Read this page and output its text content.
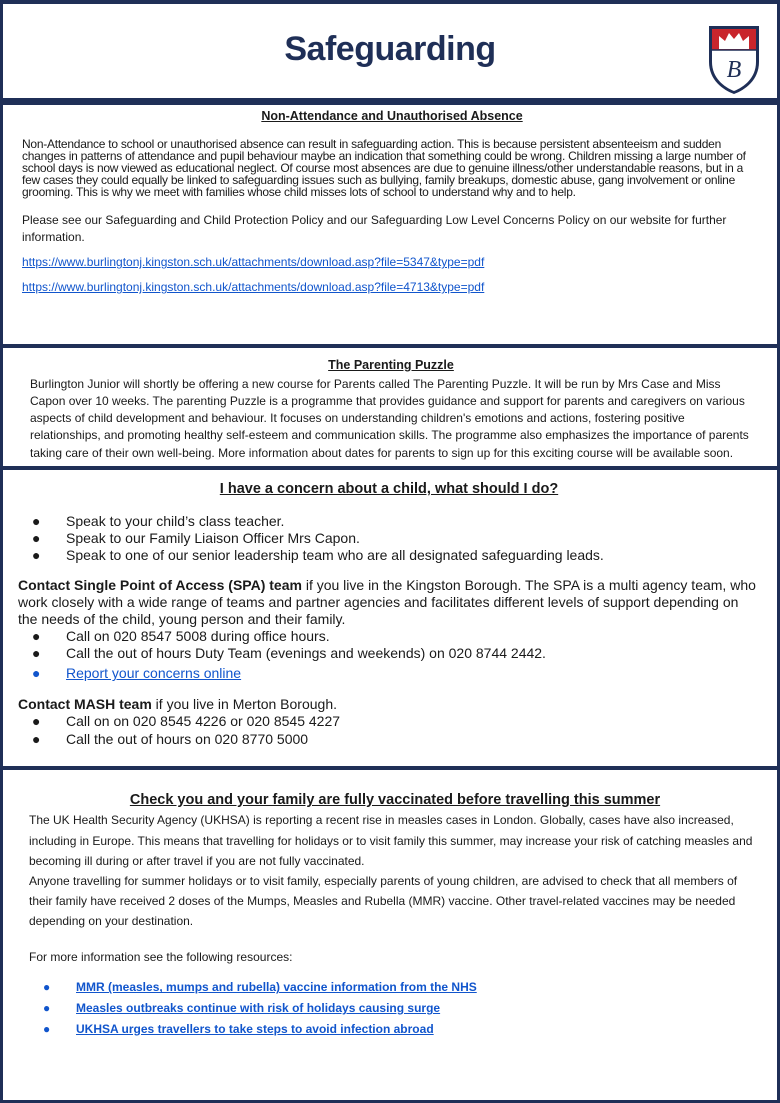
Safeguarding
B
Non-Attendance and Unauthorised Absence

Non-Attendance to school or unauthorised absence can result in safeguarding action. This is because persistent absenteeism and sudden changes in patterns of attendance and pupil behaviour maybe an indication that something could be wrong. Children missing a large number of school days is now viewed as educational neglect. Of course most absences are due to genuine illness/other understandable reasons, but in a few cases they could equally be linked to safeguarding issues such as bullying, family breakups, domestic abuse, gang involvement or online grooming. This is why we meet with families whose child misses lots of school to understand why and to help.

Please see our Safeguarding and Child Protection Policy and our Safeguarding Low Level Concerns Policy on our website for further information.

https://www.burlingtonj.kingston.sch.uk/attachments/download.asp?file=5347&type=pdf
https://www.burlingtonj.kingston.sch.uk/attachments/download.asp?file=4713&type=pdf
The Parenting Puzzle

Burlington Junior will shortly be offering a new course for Parents called The Parenting Puzzle. It will be run by Mrs Case and Miss Capon over 10 weeks. The parenting Puzzle is a programme that provides guidance and support for parents and caregivers on various aspects of child development and behaviour. It focuses on understanding children's emotions and actions, fostering positive relationships, and promoting healthy self-esteem and communication skills. The programme also emphasizes the importance of parents taking care of their own well-being. More information about dates for parents to sign up for this exciting course will be available soon.

I have a concern about a child, what should I do?

● Speak to your child’s class teacher.

● Speak to our Family Liaison Officer Mrs Capon.

● Speak to one of our senior leadership team who are all designated safeguarding leads.

Contact Single Point of Access (SPA) team if you live in the Kingston Borough. The SPA is a multi agency team, who work closely with a wide range of teams and partner agencies and facilitates different levels of support depending on the needs of the child, young person and their family.

● Call on 020 8547 5008 during office hours.

● Call the out of hours Duty Team (evenings and weekends) on 020 8744 2442.

● Report your concerns online

Contact MASH team if you live in Merton Borough.

● Call on on 020 8545 4226 or 020 8545 4227

● Call the out of hours on 020 8770 5000

Check you and your family are fully vaccinated before travelling this summer

The UK Health Security Agency (UKHSA) is reporting a recent rise in measles cases in London. Globally, cases have also increased, including in Europe. This means that travelling for holidays or to visit family this summer, may increase your risk of catching measles and becoming ill during or after travel if you are not fully vaccinated.

Anyone travelling for summer holidays or to visit family, especially parents of young children, are advised to check that all members of their family have received 2 doses of the Mumps, Measles and Rubella (MMR) vaccine. Other travel-related vaccines may be needed depending on your destination.

For more information see the following resources:

● MMR (measles, mumps and rubella) vaccine information from the NHS

● Measles outbreaks continue with risk of holidays causing surge

● UKHSA urges travellers to take steps to avoid infection abroad
